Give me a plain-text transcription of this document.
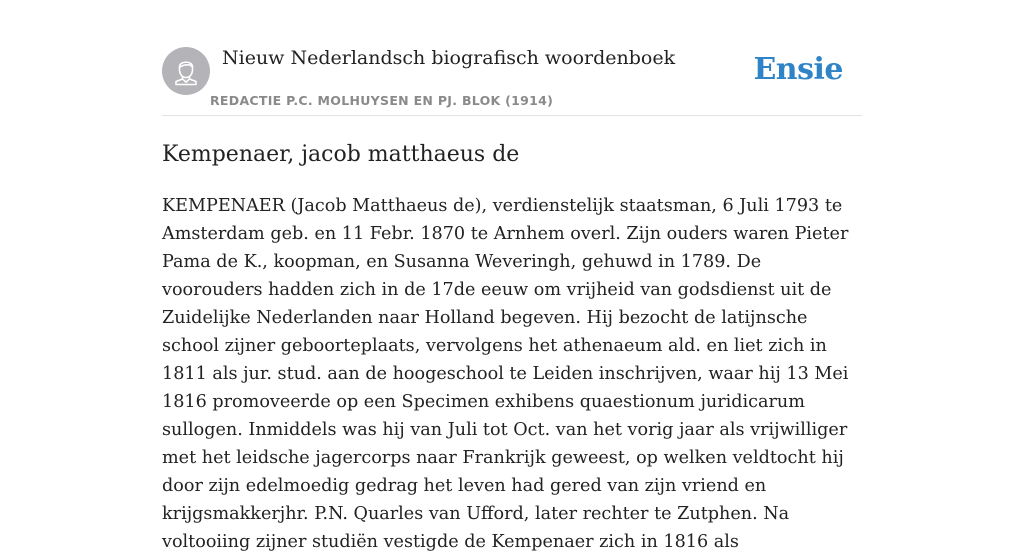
Nieuw Nederlandsch biografisch woordenboek
REDACTIE P.C. MOLHUYSEN EN PJ. BLOK (1914)
Ensie
Kempenaer, jacob matthaeus de

KEMPENAER (Jacob Matthaeus de), verdienstelijk staatsman, 6 Juli 1793 te Amsterdam geb. en 11 Febr. 1870 te Arnhem overl. Zijn ouders waren Pieter Pama de K., koopman, en Susanna Weveringh, gehuwd in 1789. De voorouders hadden zich in de 17de eeuw om vrijheid van godsdienst uit de Zuidelijke Nederlanden naar Holland begeven. Hij bezocht de latijnsche school zijner geboorteplaats, vervolgens het athenaeum ald. en liet zich in 1811 als jur. stud. aan de hoogeschool te Leiden inschrijven, waar hij 13 Mei 1816 promoveerde op een Specimen exhibens quaestionum juridicarum sullogen. Inmiddels was hij van Juli tot Oct. van het vorig jaar als vrijwilliger met het leidsche jagercorps naar Frankrijk geweest, op welken veldtocht hij door zijn edelmoedig gedrag het leven had gered van zijn vriend en krijgsmakkerjhr. P.N. Quarles van Ufford, later rechter te Zutphen. Na voltooiing zijner studiën vestigde de Kempenaer zich in 1816 als
